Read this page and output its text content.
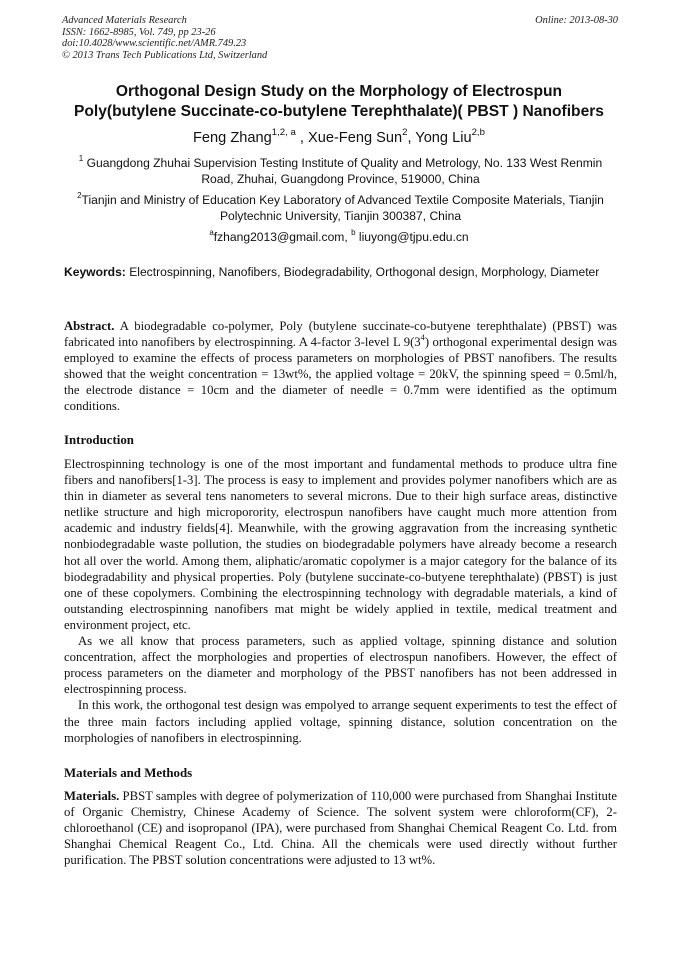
Advanced Materials Research
ISSN: 1662-8985, Vol. 749, pp 23-26
doi:10.4028/www.scientific.net/AMR.749.23
© 2013 Trans Tech Publications Ltd, Switzerland
Online: 2013-08-30
Orthogonal Design Study on the Morphology of Electrospun
Poly(butylene Succinate-co-butylene Terephthalate)( PBST ) Nanofibers
Feng Zhang$^{1,2, a}$ , Xue-Feng Sun$^2$, Yong Liu$^{2,b}$
$^1$ Guangdong Zhuhai Supervision Testing Institute of Quality and Metrology, No. 133 West Renmin Road, Zhuhai, Guangdong Province, 519000, China
$^2$Tianjin and Ministry of Education Key Laboratory of Advanced Textile Composite Materials, Tianjin Polytechnic University, Tianjin 300387, China
$^a$fzhang2013@gmail.com, $^b$ liuyong@tjpu.edu.cn
Keywords: Electrospinning, Nanofibers, Biodegradability, Orthogonal design, Morphology, Diameter
Abstract. A biodegradable co-polymer, Poly (butylene succinate-co-butyene terephthalate) (PBST) was fabricated into nanofibers by electrospinning. A 4-factor 3-level L $9(3^4)$ orthogonal experimental design was employed to examine the effects of process parameters on morphologies of PBST nanofibers. The results showed that the weight concentration = 13wt%, the applied voltage = 20kV, the spinning speed = 0.5ml/h, the electrode distance = 10cm and the diameter of needle = 0.7mm were identified as the optimum conditions.
Introduction

Electrospinning technology is one of the most important and fundamental methods to produce ultra fine fibers and nanofibers[1-3]. The process is easy to implement and provides polymer nanofibers which are as thin in diameter as several tens nanometers to several microns. Due to their high surface areas, distinctive netlike structure and high microporority, electrospun nanofibers have caught much more attention from academic and industry fields[4]. Meanwhile, with the growing aggravation from the increasing synthetic nonbiodegradable waste pollution, the studies on biodegradable polymers have already become a research hot all over the world. Among them, aliphatic/aromatic copolymer is a major category for the balance of its biodegradability and physical properties. Poly (butylene succinate-co-butyene terephthalate) (PBST) is just one of these copolymers. Combining the electrospinning technology with degradable materials, a kind of outstanding electrospinning nanofibers mat might be widely applied in textile, medical treatment and environment project, etc.

As we all know that process parameters, such as applied voltage, spinning distance and solution concentration, affect the morphologies and properties of electrospun nanofibers. However, the effect of process parameters on the diameter and morphology of the PBST nanofibers has not been addressed in electrospinning process.

In this work, the orthogonal test design was empolyed to arrange sequent experiments to test the effect of the three main factors including applied voltage, spinning distance, solution concentration on the morphologies of nanofibers in electrospinning.

Materials and Methods
Materials. PBST samples with degree of polymerization of 110,000 were purchased from Shanghai Institute of Organic Chemistry, Chinese Academy of Science. The solvent system were chloroform(CF), 2-chloroethanol (CE) and isopropanol (IPA), were purchased from Shanghai Chemical Reagent Co. Ltd. from Shanghai Chemical Reagent Co., Ltd. China. All the chemicals were used directly without further purification. The PBST solution concentrations were adjusted to 13 wt%.
